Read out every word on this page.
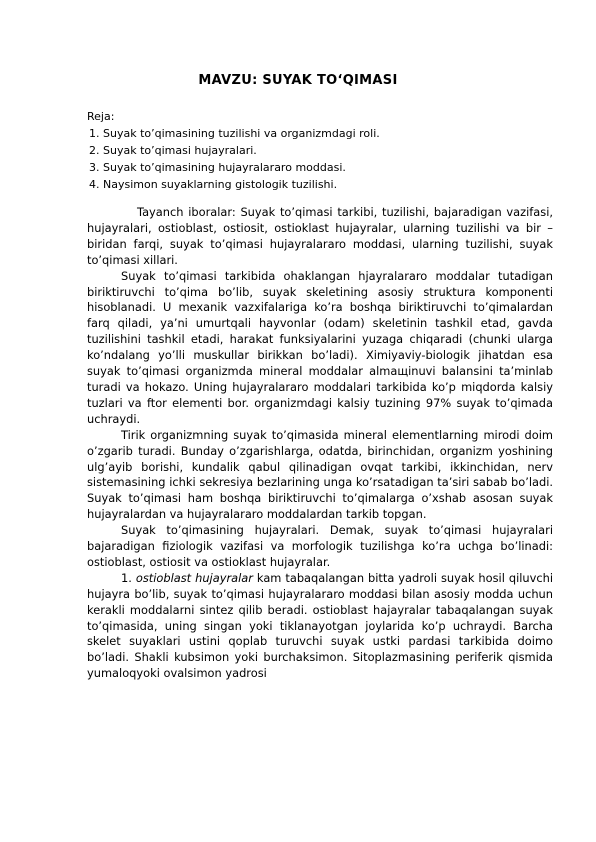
MAVZU: SUYAK TO‘QIMASI
Reja:
1. Suyak to’qimasining tuzilishi va organizmdagi roli.
2. Suyak to’qimasi hujayralari.
3. Suyak to’qimasining hujayralararo moddasi.
4. Naysimon suyaklarning gistologik tuzilishi.

Tayanch iboralar: Suyak to’qimasi tarkibi, tuzilishi, bajaradigan vazifasi, hujayralari, ostioblast, ostiosit, ostioklast hujayralar, ularning tuzilishi va bir – biridan farqi, suyak to’qimasi hujayralararo moddasi, ularning tuzilishi, suyak to’qimasi xillari.

Suyak to’qimasi tarkibida ohaklangan hjayralararo moddalar tutadigan biriktiruvchi to’qima bo’lib, suyak skeletining asosiy struktura komponenti hisoblanadi. U mexanik vazxifalariga ko’ra boshqa biriktiruvchi to’qimalardan farq qiladi, ya’ni umurtqali hayvonlar (odam) skeletinin tashkil etad, gavda tuzilishini tashkil etadi, harakat funksiyalarini yuzaga chiqaradi (chunki ularga ko’ndalang yo’lli muskullar birikkan bo’ladi). Ximiyaviy-biologik jihatdan esa suyak to’qimasi organizmda mineral moddalar almaщinuvi balansini ta’minlab turadi va hokazo. Uning hujayralararo moddalari tarkibida ko’p miqdorda kalsiy tuzlari va ftor elementi bor. organizmdagi kalsiy tuzining 97% suyak to’qimada uchraydi.

Tirik organizmning suyak to’qimasida mineral elementlarning mirodi doim o’zgarib turadi. Bunday o’zgarishlarga, odatda, birinchidan, organizm yoshining ulg’ayib borishi, kundalik qabul qilinadigan ovqat tarkibi, ikkinchidan, nerv sistemasining ichki sekresiya bezlarining unga ko’rsatadigan ta’siri sabab bo’ladi. Suyak to’qimasi ham boshqa biriktiruvchi to’qimalarga o’xshab asosan suyak hujayralardan va hujayralararo moddalardan tarkib topgan.

Suyak to’qimasining hujayralari. Demak, suyak to’qimasi hujayralari bajaradigan fiziologik vazifasi va morfologik tuzilishga ko’ra uchga bo’linadi: ostioblast, ostiosit va ostioklast hujayralar.

1. ostioblast hujayralar kam tabaqalangan bitta yadroli suyak hosil qiluvchi hujayra bo’lib, suyak to’qimasi hujayralararo moddasi bilan asosiy modda uchun kerakli moddalarni sintez qilib beradi. ostioblast hajayralar tabaqalangan suyak to’qimasida, uning singan yoki tiklanayotgan joylarida ko’p uchraydi. Barcha skelet suyaklari ustini qoplab turuvchi suyak ustki pardasi tarkibida doimo bo’ladi. Shakli kubsimon yoki burchaksimon. Sitoplazmasining periferik qismida yumaloqyoki ovalsimon yadrosi
